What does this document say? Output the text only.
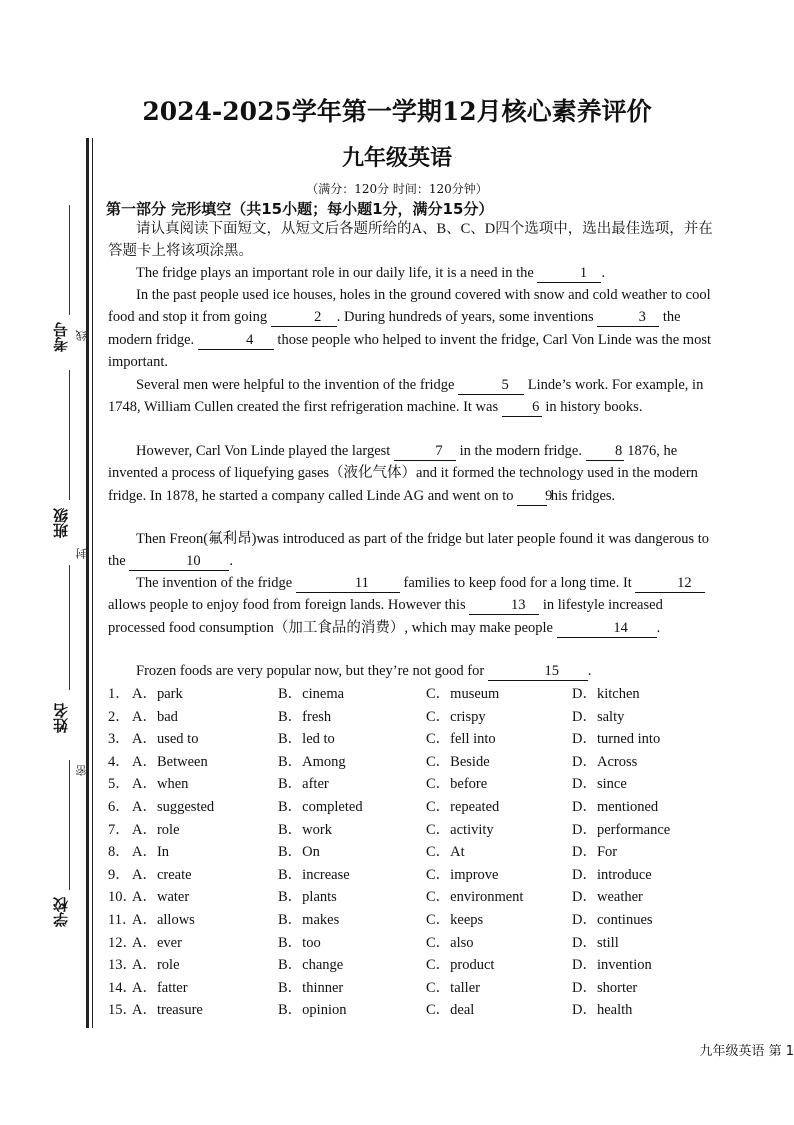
2024-2025学年第一学期12月核心素养评价
九年级英语
（满分：120分 时间：120分钟）
考号 线
班级
封
姓名
密
学校
第一部分 完形填空（共15小题；每小题1分，满分15分）
请认真阅读下面短文，从短文后各题所给的A、B、C、D四个选项中，选出最佳选项，并在答题卡上将该项涂黑。
The fridge plays an important role in our daily life, it is a need in the	1 .
In the past people used ice houses, holes in the ground covered with snow and cold weather to cool food and stop it from going	2 . During hundreds of years, some inventions	3 the modern fridge.	4 those people who helped to invent the fridge, Carl Von Linde was the most important.
Several men were helpful to the invention of the fridge	5 Linde’s work. For example, in 1748, William Cullen created the first refrigeration machine. It was 6 in history books.
However, Carl Von Linde played the largest	7 in the modern fridge. 8 1876, he invented a process of liquefying gases（液化气体）and it formed the technology used in the modern fridge. In 1878, he started a company called Linde AG and went on to 9 his fridges.
Then Freon(氟利昂)was introduced as part of the fridge but later people found it was dangerous to the	10 .
The invention of the fridge	11 families to keep food for a long time. It	12 allows people to enjoy food from foreign lands. However this	13 in lifestyle increased processed food consumption（加工食品的消费）, which may make people	14 .
Frozen foods are very popular now, but they’re not good for	15 .
1． A．park	B．cinema	C．museum	D．kitchen
2． A．bad	B．fresh	C．crispy	D．salty
3． A．used to	B．led to	C．fell into	D．turned into
4． A．Between	B．Among	C．Beside	D．Across
5． A．when	B．after	C．before	D．since
6． A．suggested	B．completed	C．repeated	D．mentioned
7． A．role	B．work	C．activity	D．performance
8． A．In	B．On	C．At	D．For
9． A．create	B．increase	C．improve	D．introduce
10．
A．water	B．plants	C．environment	D．weather
11．
A．allows	B．makes	C．keeps	D．continues
12．
A．ever	B．too	C．also	D．still
13．
A．role	B．change	C．product	D．invention
14．
A．fatter	B．thinner	C．taller	D．shorter
15．
A．treasure	B．opinion	C．deal	D．health
九年级英语 第 1
